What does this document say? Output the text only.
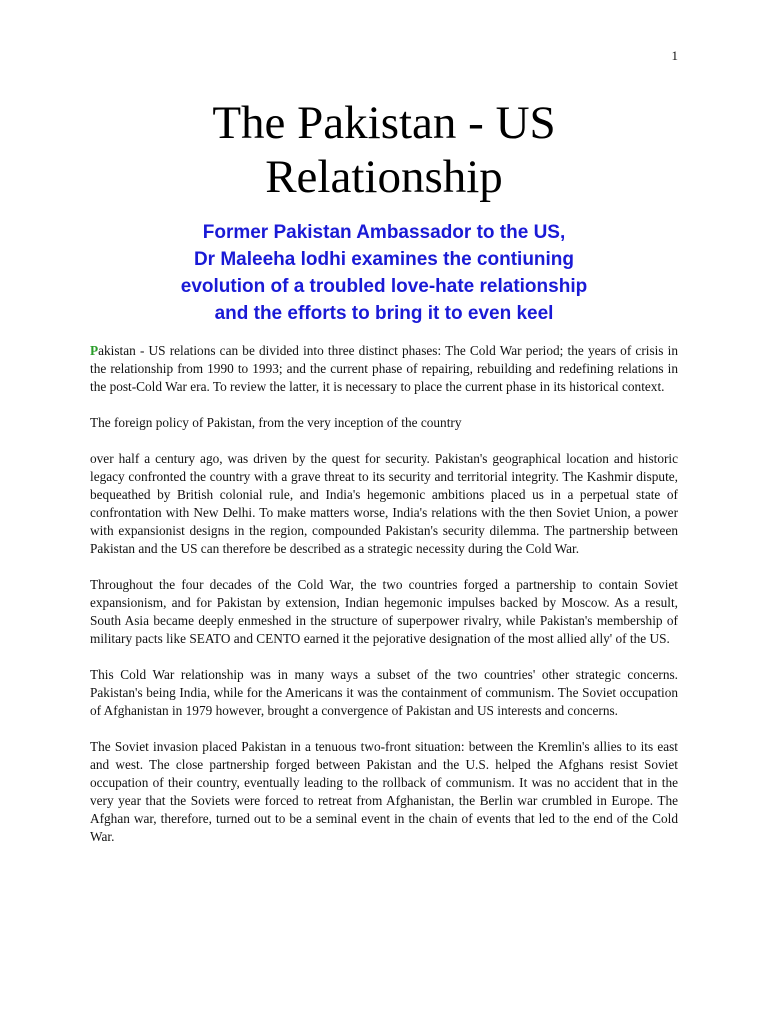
1
The Pakistan - US
Relationship
Former Pakistan Ambassador to the US,
Dr Maleeha lodhi examines the contiuning
evolution of a troubled love-hate relationship
and the efforts to bring it to even keel

Pakistan - US relations can be divided into three distinct phases: The Cold War period; the years of crisis in the relationship from 1990 to 1993; and the current phase of repairing, rebuilding and redefining relations in the post-Cold War era. To review the latter, it is necessary to place the current phase in its historical context.

The foreign policy of Pakistan, from the very inception of the country

over half a century ago, was driven by the quest for security. Pakistan's geographical location and historic legacy confronted the country with a grave threat to its security and territorial integrity. The Kashmir dispute, bequeathed by British colonial rule, and India's hegemonic ambitions placed us in a perpetual state of confrontation with New Delhi. To make matters worse, India's relations with the then Soviet Union, a power with expansionist designs in the region, compounded Pakistan's security dilemma. The partnership between Pakistan and the US can therefore be described as a strategic necessity during the Cold War.

Throughout the four decades of the Cold War, the two countries forged a partnership to contain Soviet expansionism, and for Pakistan by extension, Indian hegemonic impulses backed by Moscow. As a result, South Asia became deeply enmeshed in the structure of superpower rivalry, while Pakistan's membership of military pacts like SEATO and CENTO earned it the pejorative designation of the most allied ally' of the US.

This Cold War relationship was in many ways a subset of the two countries' other strategic concerns. Pakistan's being India, while for the Americans it was the containment of communism. The Soviet occupation of Afghanistan in 1979 however, brought a convergence of Pakistan and US interests and concerns.

The Soviet invasion placed Pakistan in a tenuous two-front situation: between the Kremlin's allies to its east and west. The close partnership forged between Pakistan and the U.S. helped the Afghans resist Soviet occupation of their country, eventually leading to the rollback of communism. It was no accident that in the very year that the Soviets were forced to retreat from Afghanistan, the Berlin war crumbled in Europe. The Afghan war, therefore, turned out to be a seminal event in the chain of events that led to the end of the Cold War.
